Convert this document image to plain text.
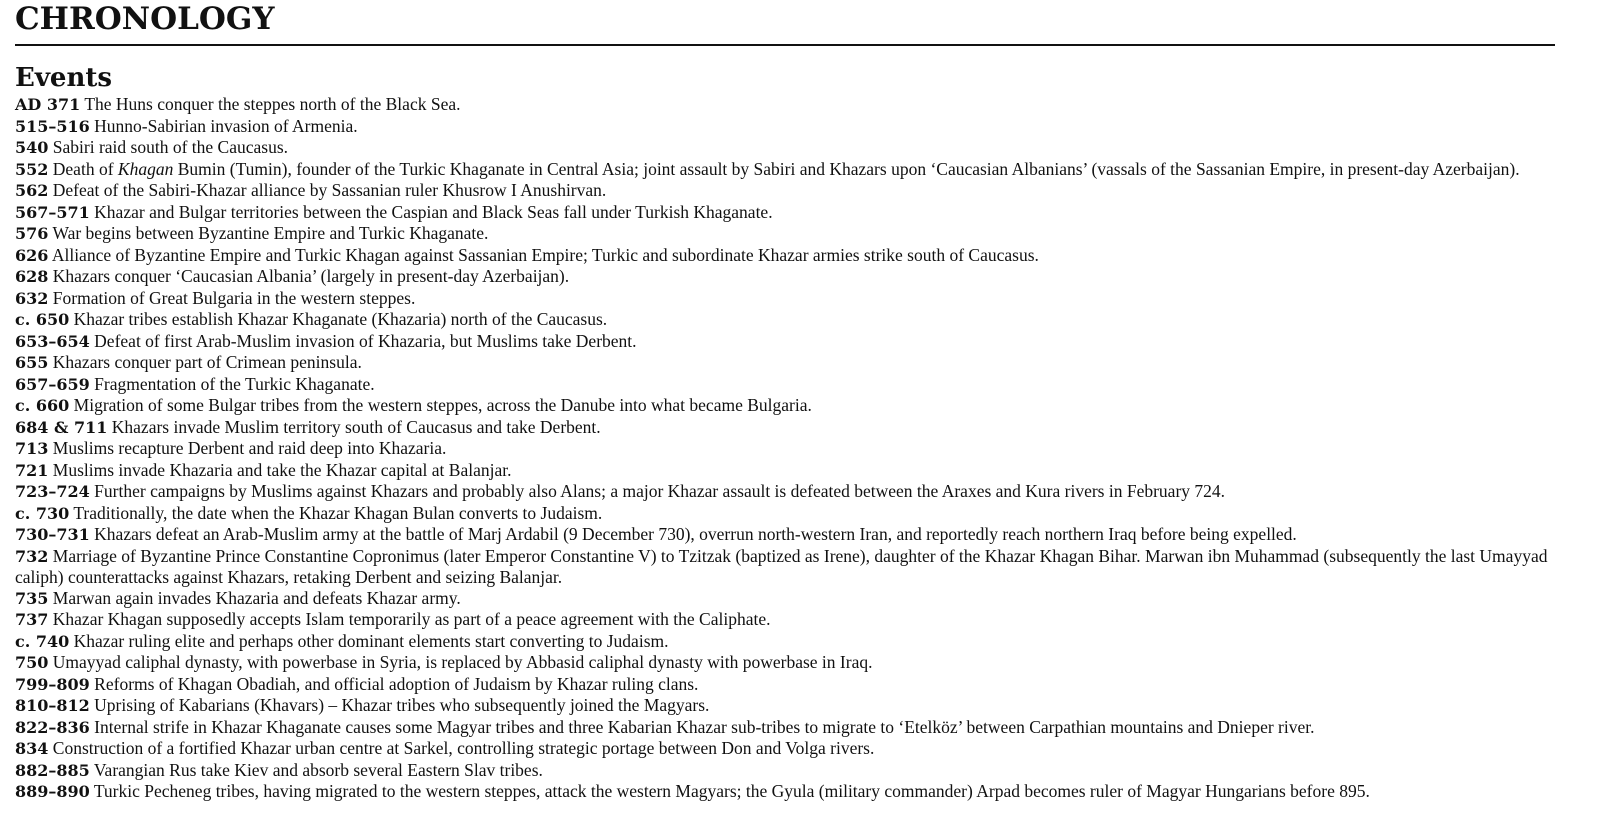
CHRONOLOGY
Events
AD 371 The Huns conquer the steppes north of the Black Sea.
515–516 Hunno-Sabirian invasion of Armenia.
540 Sabiri raid south of the Caucasus.
552 Death of Khagan Bumin (Tumin), founder of the Turkic Khaganate in Central Asia; joint assault by Sabiri and Khazars upon ‘Caucasian Albanians’ (vassals of the Sassanian Empire, in present-day Azerbaijan).
562 Defeat of the Sabiri-Khazar alliance by Sassanian ruler Khusrow I Anushirvan.
567–571 Khazar and Bulgar territories between the Caspian and Black Seas fall under Turkish Khaganate.
576 War begins between Byzantine Empire and Turkic Khaganate.
626 Alliance of Byzantine Empire and Turkic Khagan against Sassanian Empire; Turkic and subordinate Khazar armies strike south of Caucasus.
628 Khazars conquer ‘Caucasian Albania’ (largely in present-day Azerbaijan).
632 Formation of Great Bulgaria in the western steppes.
c. 650 Khazar tribes establish Khazar Khaganate (Khazaria) north of the Caucasus.
653–654 Defeat of first Arab-Muslim invasion of Khazaria, but Muslims take Derbent.
655 Khazars conquer part of Crimean peninsula.
657–659 Fragmentation of the Turkic Khaganate.
c. 660 Migration of some Bulgar tribes from the western steppes, across the Danube into what became Bulgaria.
684 & 711 Khazars invade Muslim territory south of Caucasus and take Derbent.
713 Muslims recapture Derbent and raid deep into Khazaria.
721 Muslims invade Khazaria and take the Khazar capital at Balanjar.
723–724 Further campaigns by Muslims against Khazars and probably also Alans; a major Khazar assault is defeated between the Araxes and Kura rivers in February 724.
c. 730 Traditionally, the date when the Khazar Khagan Bulan converts to Judaism.
730–731 Khazars defeat an Arab-Muslim army at the battle of Marj Ardabil (9 December 730), overrun north-western Iran, and reportedly reach northern Iraq before being expelled.
732 Marriage of Byzantine Prince Constantine Copronimus (later Emperor Constantine V) to Tzitzak (baptized as Irene), daughter of the Khazar Khagan Bihar. Marwan ibn Muhammad (subsequently the last Umayyad caliph) counterattacks against Khazars, retaking Derbent and seizing Balanjar.
735 Marwan again invades Khazaria and defeats Khazar army.
737 Khazar Khagan supposedly accepts Islam temporarily as part of a peace agreement with the Caliphate.
c. 740 Khazar ruling elite and perhaps other dominant elements start converting to Judaism.
750 Umayyad caliphal dynasty, with powerbase in Syria, is replaced by Abbasid caliphal dynasty with powerbase in Iraq.
799–809 Reforms of Khagan Obadiah, and official adoption of Judaism by Khazar ruling clans.
810–812 Uprising of Kabarians (Khavars) – Khazar tribes who subsequently joined the Magyars.
822–836 Internal strife in Khazar Khaganate causes some Magyar tribes and three Kabarian Khazar sub-tribes to migrate to ‘Etelköz’ between Carpathian mountains and Dnieper river.
834 Construction of a fortified Khazar urban centre at Sarkel, controlling strategic portage between Don and Volga rivers.
882–885 Varangian Rus take Kiev and absorb several Eastern Slav tribes.
889–890 Turkic Pecheneg tribes, having migrated to the western steppes, attack the western Magyars; the Gyula (military commander) Arpad becomes ruler of Magyar Hungarians before 895.
